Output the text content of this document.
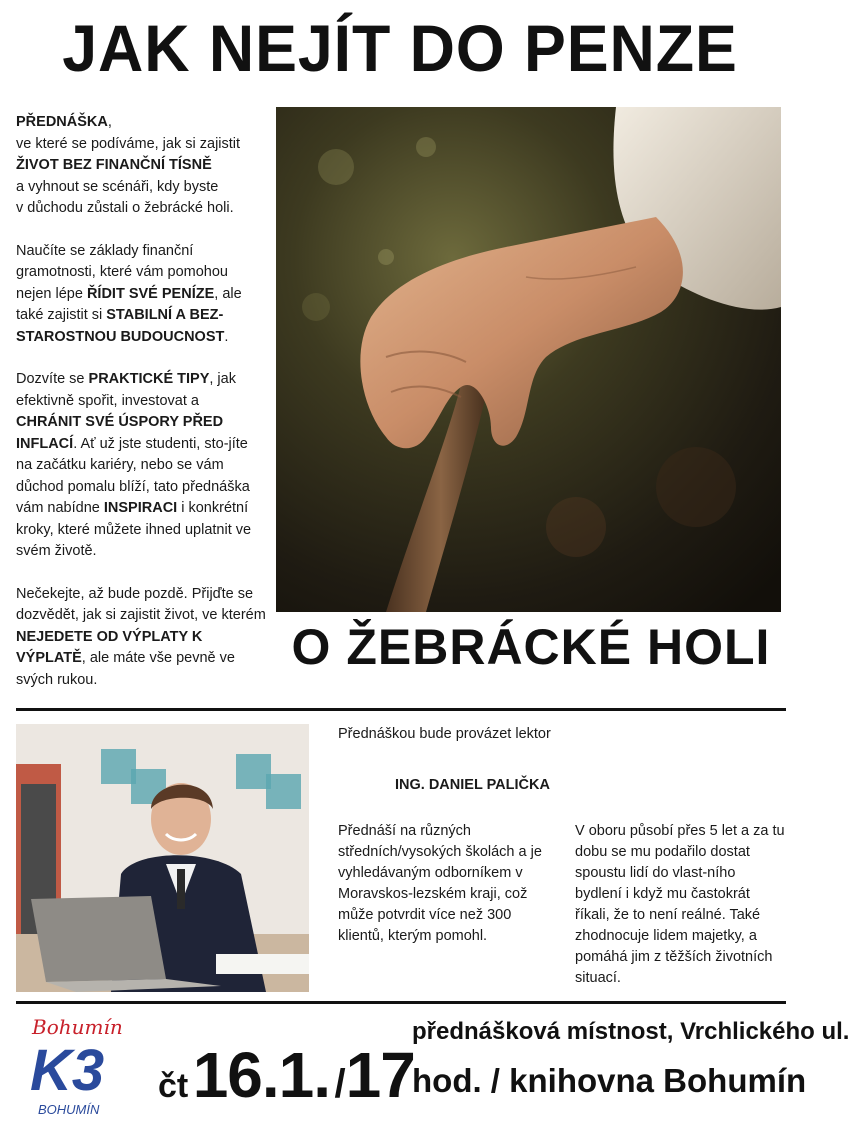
JAK NEJÍT DO PENZE

PŘEDNÁŠKA,
ve které se podíváme, jak si zajistit
ŽIVOT BEZ FINANČNÍ TÍSNĚ
a vyhnout se scénáři, kdy byste
v důchodu zůstali o žebrácké holi.

Naučíte se základy finanční gramotnosti, které vám pomohou nejen lépe ŘÍDIT SVÉ PENÍZE, ale také zajistit si STABILNÍ A BEZ-STAROSTNOU BUDOUCNOST.

Dozvíte se PRAKTICKÉ TIPY, jak efektivně spořit, investovat a CHRÁNIT SVÉ ÚSPORY PŘED INFLACÍ. Ať už jste studenti, sto-jíte na začátku kariéry, nebo se vám důchod pomalu blíží, tato přednáška vám nabídne INSPIRACI i konkrétní kroky, které můžete ihned uplatnit ve svém životě.

Nečekejte, až bude pozdě. Přijďte se dozvědět, jak si zajistit život, ve kterém NEJEDETE OD VÝPLATY K VÝPLATĚ, ale máte vše pevně ve svých rukou.

O ŽEBRÁCKÉ HOLI
Přednáškou bude provázet lektor
ING. DANIEL PALIČKA
Přednáší na různých středních/vysokých školách a je vyhledávaným odborníkem v Moravskos-lezském kraji, což může potvrdit více než 300 klientů, kterým pomohl.
V oboru působí přes 5 let a za tu dobu se mu podařilo dostat spoustu lidí do vlast-ního bydlení i když mu častokrát říkali, že to není reálné. Také zhodnocuje lidem majetky, a pomáhá jim z těžších životních situací.
Bohumín
K3
BOHUMÍN
čt 16.1. /17
přednášková místnost, Vrchlického ul.
hod. / knihovna Bohumín
